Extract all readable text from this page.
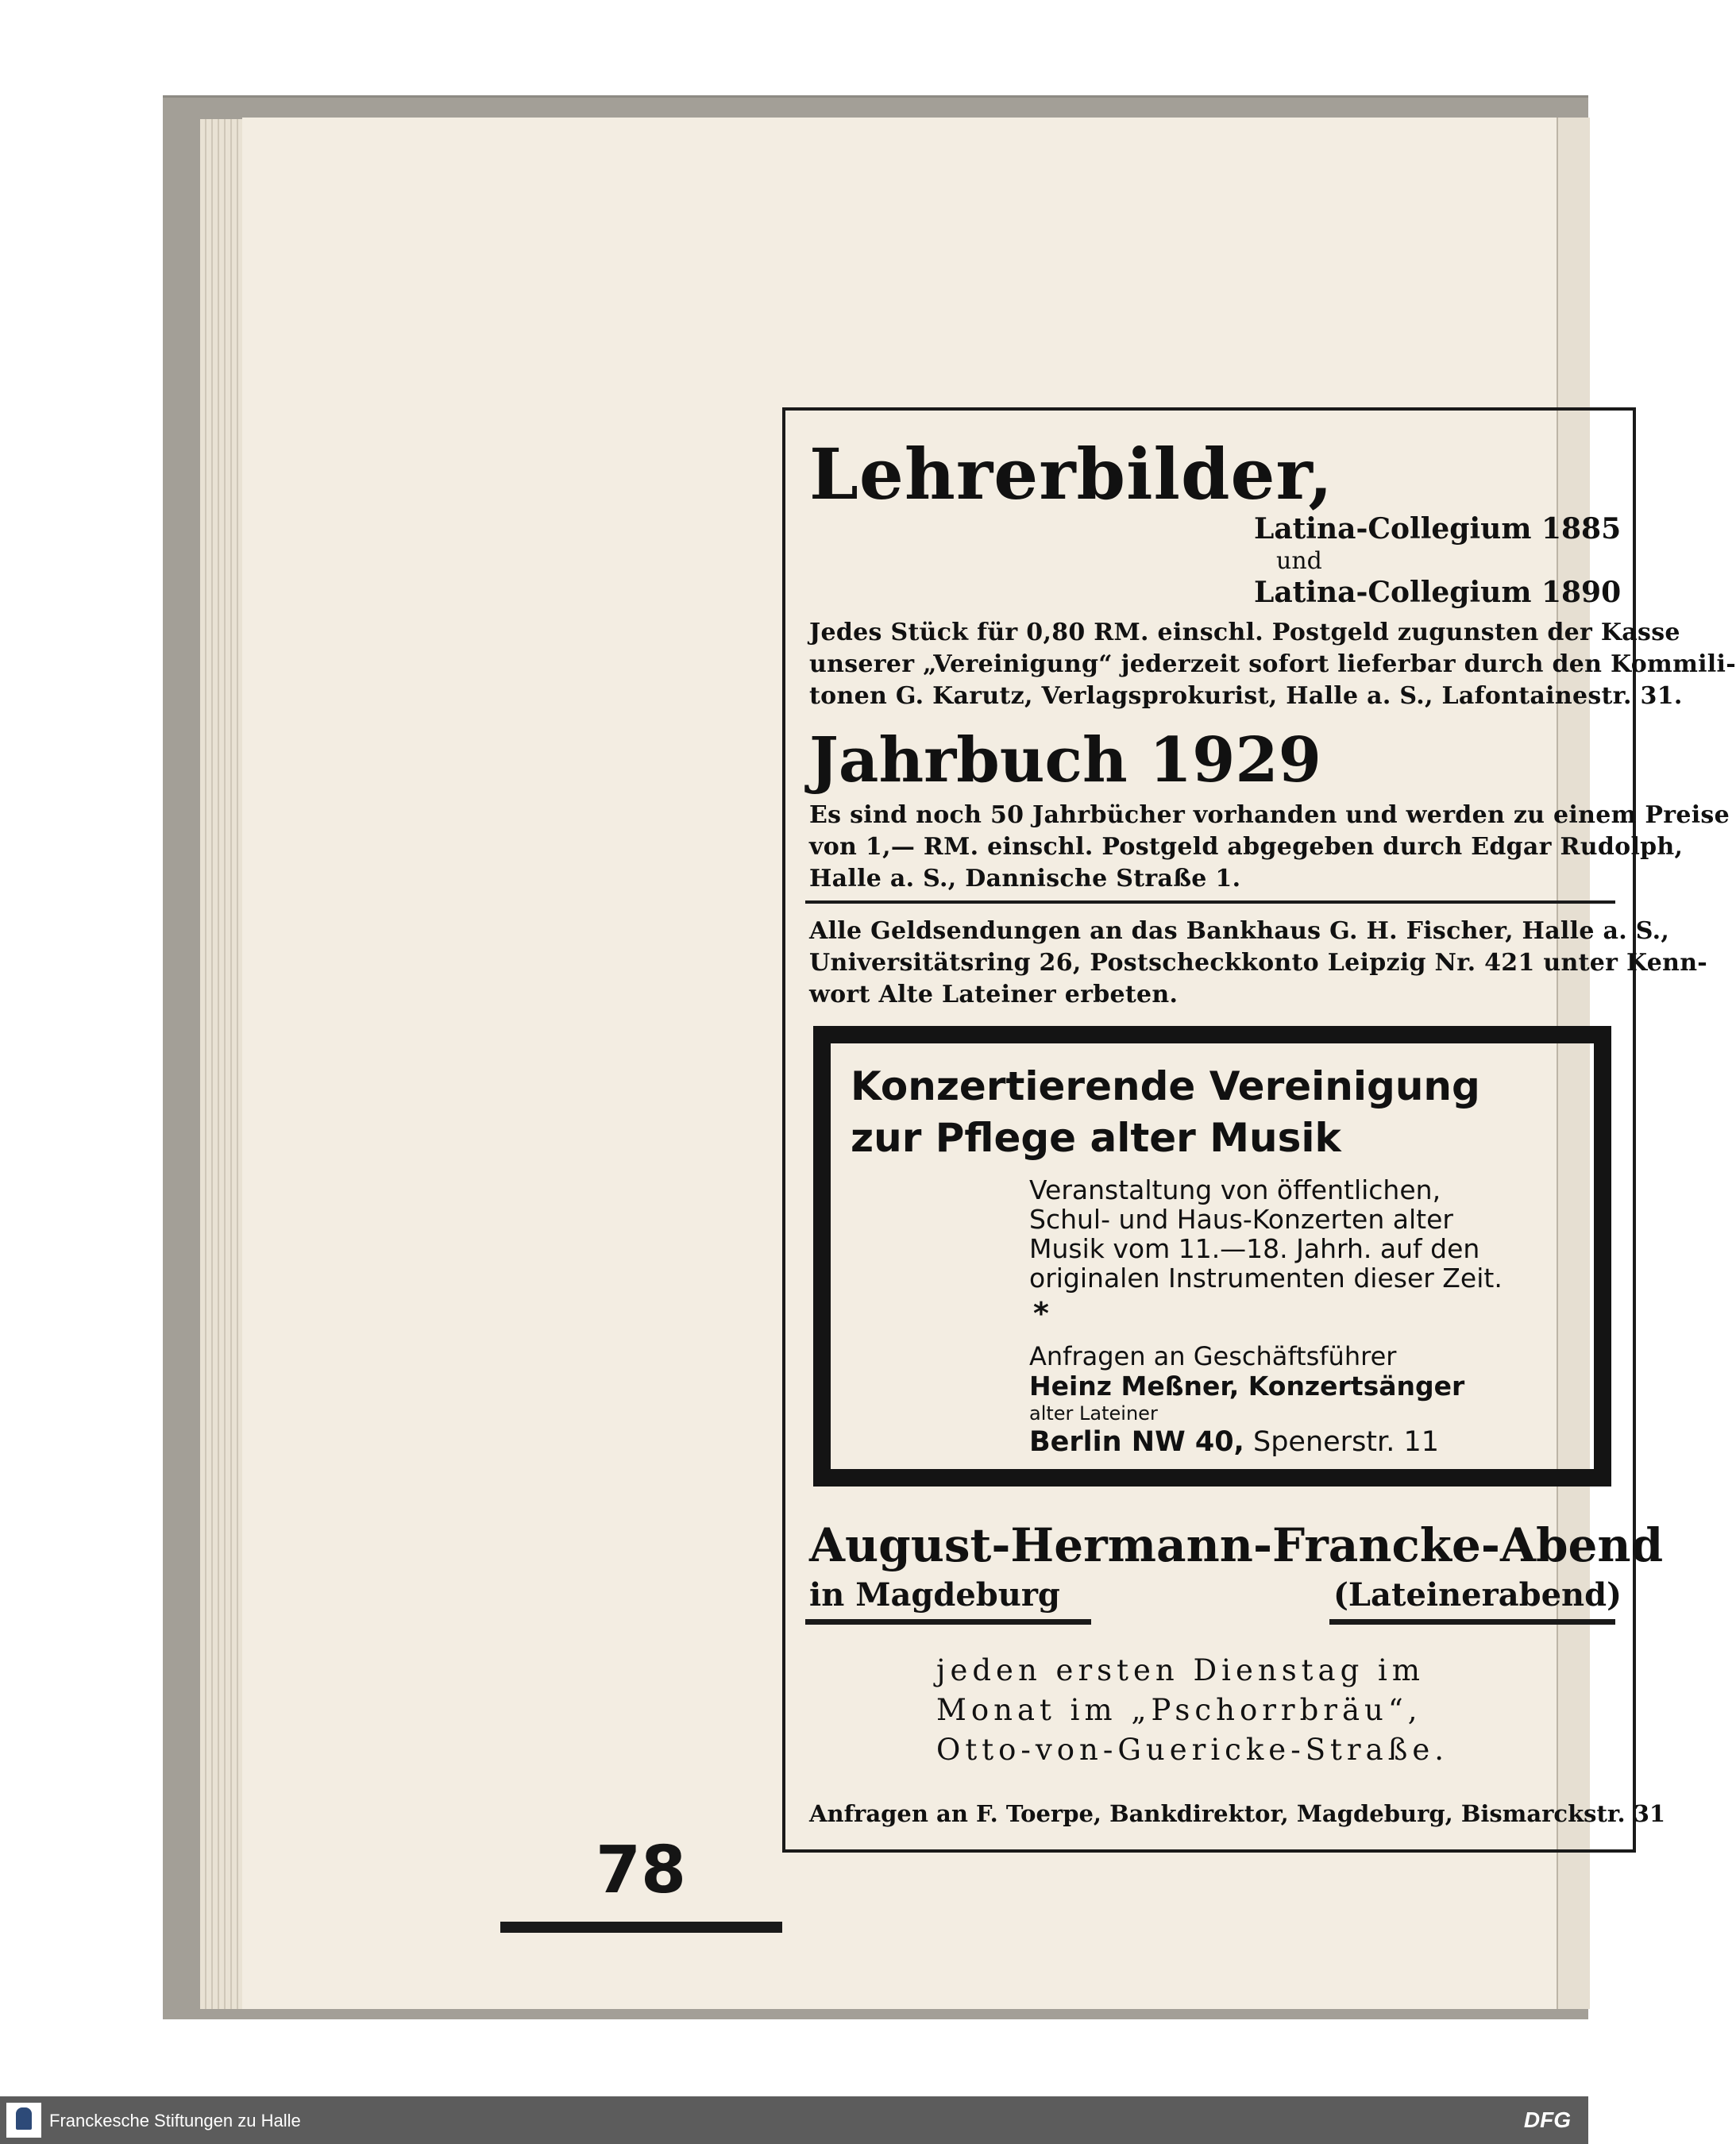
Lehrerbilder,
Latina-Collegium 1885
und
Latina-Collegium 1890
Jedes Stück für 0,80 RM. einschl. Postgeld zugunsten der Kasse
unserer „Vereinigung“ jederzeit sofort lieferbar durch den Kommili-
tonen G. Karutz, Verlagsprokurist, Halle a. S., Lafontainestr. 31.
Jahrbuch 1929
Es sind noch 50 Jahrbücher vorhanden und werden zu einem Preise
von 1,— RM. einschl. Postgeld abgegeben durch Edgar Rudolph,
Halle a. S., Dannische Straße 1.
Alle Geldsendungen an das Bankhaus G. H. Fischer, Halle a. S.,
Universitätsring 26, Postscheckkonto Leipzig Nr. 421 unter Kenn-
wort Alte Lateiner erbeten.
Konzertierende Vereinigung
zur Pflege alter Musik
Veranstaltung von öffentlichen,
Schul- und Haus-Konzerten alter
Musik vom 11.—18. Jahrh. auf den
originalen Instrumenten dieser Zeit.
*
Anfragen an Geschäftsführer
Heinz Meßner, Konzertsänger
alter Lateiner
Berlin NW 40, Spenerstr. 11
August-Hermann-Francke-Abend
in Magdeburg	(Lateinerabend)
jeden ersten Dienstag im
Monat im „Pschorrbräu“,
Otto-von-Guericke-Straße.
Anfragen an F. Toerpe, Bankdirektor, Magdeburg, Bismarckstr. 31
78
Franckesche Stiftungen zu Halle	DFG
